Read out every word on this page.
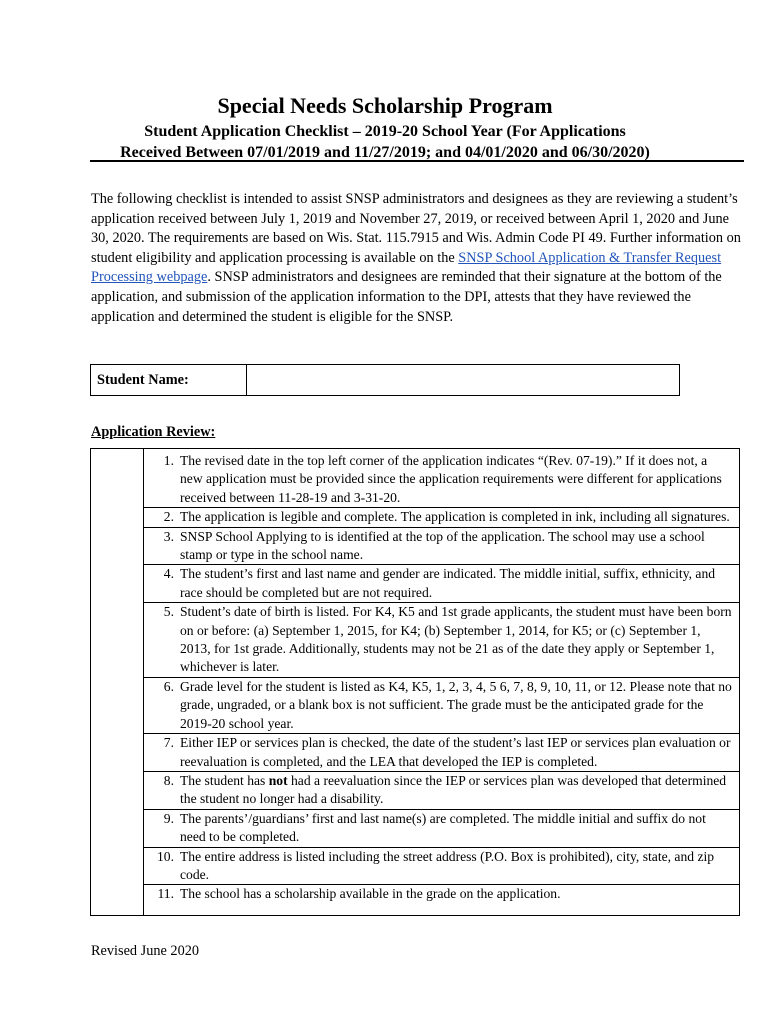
Special Needs Scholarship Program
Student Application Checklist – 2019-20 School Year (For Applications
Received Between 07/01/2019 and 11/27/2019; and 04/01/2020 and 06/30/2020)

The following checklist is intended to assist SNSP administrators and designees as they are reviewing a student’s application received between July 1, 2019 and November 27, 2019, or received between April 1, 2020 and June 30, 2020. The requirements are based on Wis. Stat. 115.7915 and Wis. Admin Code PI 49. Further information on student eligibility and application processing is available on the SNSP School Application & Transfer Request Processing webpage. SNSP administrators and designees are reminded that their signature at the bottom of the application, and submission of the application information to the DPI, attests that they have reviewed the application and determined the student is eligible for the SNSP.

Student Name:
Application Review:
1. The revised date in the top left corner of the application indicates “(Rev. 07-19).” If it does not, a new application must be provided since the application requirements were different for applications received between 11-28-19 and 3-31-20.
2. The application is legible and complete. The application is completed in ink, including all signatures.
3. SNSP School Applying to is identified at the top of the application. The school may use a school stamp or type in the school name.
4. The student’s first and last name and gender are indicated. The middle initial, suffix, ethnicity, and race should be completed but are not required.
5. Student’s date of birth is listed. For K4, K5 and 1st grade applicants, the student must have been born on or before: (a) September 1, 2015, for K4; (b) September 1, 2014, for K5; or (c) September 1, 2013, for 1st grade. Additionally, students may not be 21 as of the date they apply or September 1, whichever is later.
6. Grade level for the student is listed as K4, K5, 1, 2, 3, 4, 5 6, 7, 8, 9, 10, 11, or 12. Please note that no grade, ungraded, or a blank box is not sufficient. The grade must be the anticipated grade for the 2019-20 school year.
7. Either IEP or services plan is checked, the date of the student’s last IEP or services plan evaluation or reevaluation is completed, and the LEA that developed the IEP is completed.
8. The student has not had a reevaluation since the IEP or services plan was developed that determined the student no longer had a disability.
9. The parents’/guardians’ first and last name(s) are completed. The middle initial and suffix do not need to be completed.
10. The entire address is listed including the street address (P.O. Box is prohibited), city, state, and zip code.
11. The school has a scholarship available in the grade on the application.
Revised June 2020
